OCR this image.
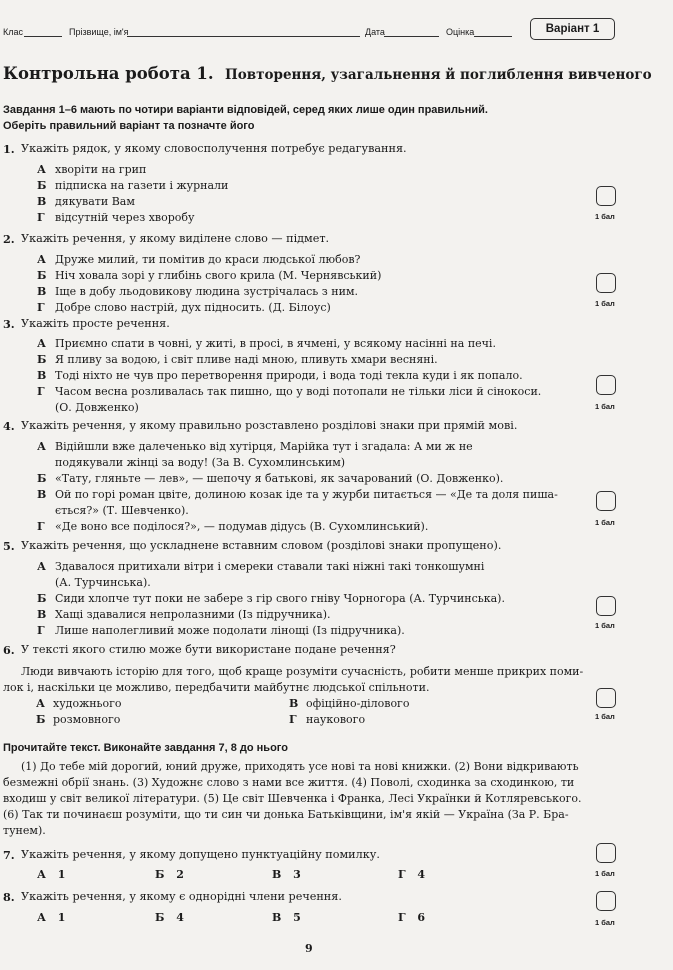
Клас	Прізвище, ім'я	Дата	Оцінка	Варіант 1
Контрольна робота 1. Повторення, узагальнення й поглиблення вивченого
Завдання 1–6 мають по чотири варіанти відповідей, серед яких лише один правильний.
Оберіть правильний варіант та позначте його
1. Укажіть рядок, у якому словосполучення потребує редагування.
А хворіти на грип
Б підписка на газети і журнали
В дякувати Вам
Г відсутній через хворобу	1 бал
2. Укажіть речення, у якому виділене слово — підмет.
А Друже милий, ти помітив до краси людської любов?
Б Ніч ховала зорі у глибінь свого крила (М. Чернявський)
В Іще в добу льодовикову людина зустрічалась з ним.
Г Добре слово настрій, дух підносить. (Д. Білоус)	1 бал
3. Укажіть просте речення.
А Приємно спати в човні, у житі, в просі, в ячмені, у всякому насінні на печі.
Б Я пливу за водою, і світ пливе наді мною, пливуть хмари весняні.
В Тоді ніхто не чув про перетворення природи, і вода тоді текла куди і як попало.
Г Часом весна розливалась так пишно, що у воді потопали не тільки ліси й сінокоси.
(О. Довженко)	1 бал
4. Укажіть речення, у якому правильно розставлено розділові знаки при прямій мові.
А Відійшли вже далеченько від хутірця, Марійка тут і згадала: А ми ж не
подякували жінці за воду! (За В. Сухомлинським)
Б «Тату, гляньте — лев», — шепочу я батькові, як зачарований (О. Довженко).
В Ой по горі роман цвіте, долиною козак іде та у журби питається — «Де та доля пиша-
ється?» (Т. Шевченко).
Г «Де воно все поділося?», — подумав дідусь (В. Сухомлинський).	1 бал
5. Укажіть речення, що ускладнене вставним словом (розділові знаки пропущено).
А Здавалося притихали вітри і смереки ставали такі ніжні такі тонкошумні
(А. Турчинська).
Б Сиди хлопче тут поки не забере з гір свого гніву Чорногора (А. Турчинська).
В Хащі здавалися непролазними (Із підручника).
Г Лише наполегливий може подолати лінощі (Із підручника).	1 бал
6. У тексті якого стилю може бути використане подане речення?
Люди вивчають історію для того, щоб краще розуміти сучасність, робити менше прикрих поми-
лок і, наскільки це можливо, передбачити майбутнє людської спільноти.
А художнього	В офіційно-ділового
Б розмовного	Г наукового	1 бал
Прочитайте текст. Виконайте завдання 7, 8 до нього
(1) До тебе мій дорогий, юний друже, приходять усе нові та нові книжки. (2) Вони відкривають
безмежні обрії знань. (3) Художнє слово з нами все життя. (4) Поволі, сходинка за сходинкою, ти
входиш у світ великої літератури. (5) Це світ Шевченка і Франка, Лесі Українки й Котляревського.
(6) Так ти починаєш розуміти, що ти син чи донька Батьківщини, ім'я якій — Україна (За Р. Бра-
тунем).
7. Укажіть речення, у якому допущено пунктуаційну помилку.
А 1	Б 2	В 3	Г 4	1 бал
8. Укажіть речення, у якому є однорідні члени речення.
А 1	Б 4	В 5	Г 6	1 бал
9
